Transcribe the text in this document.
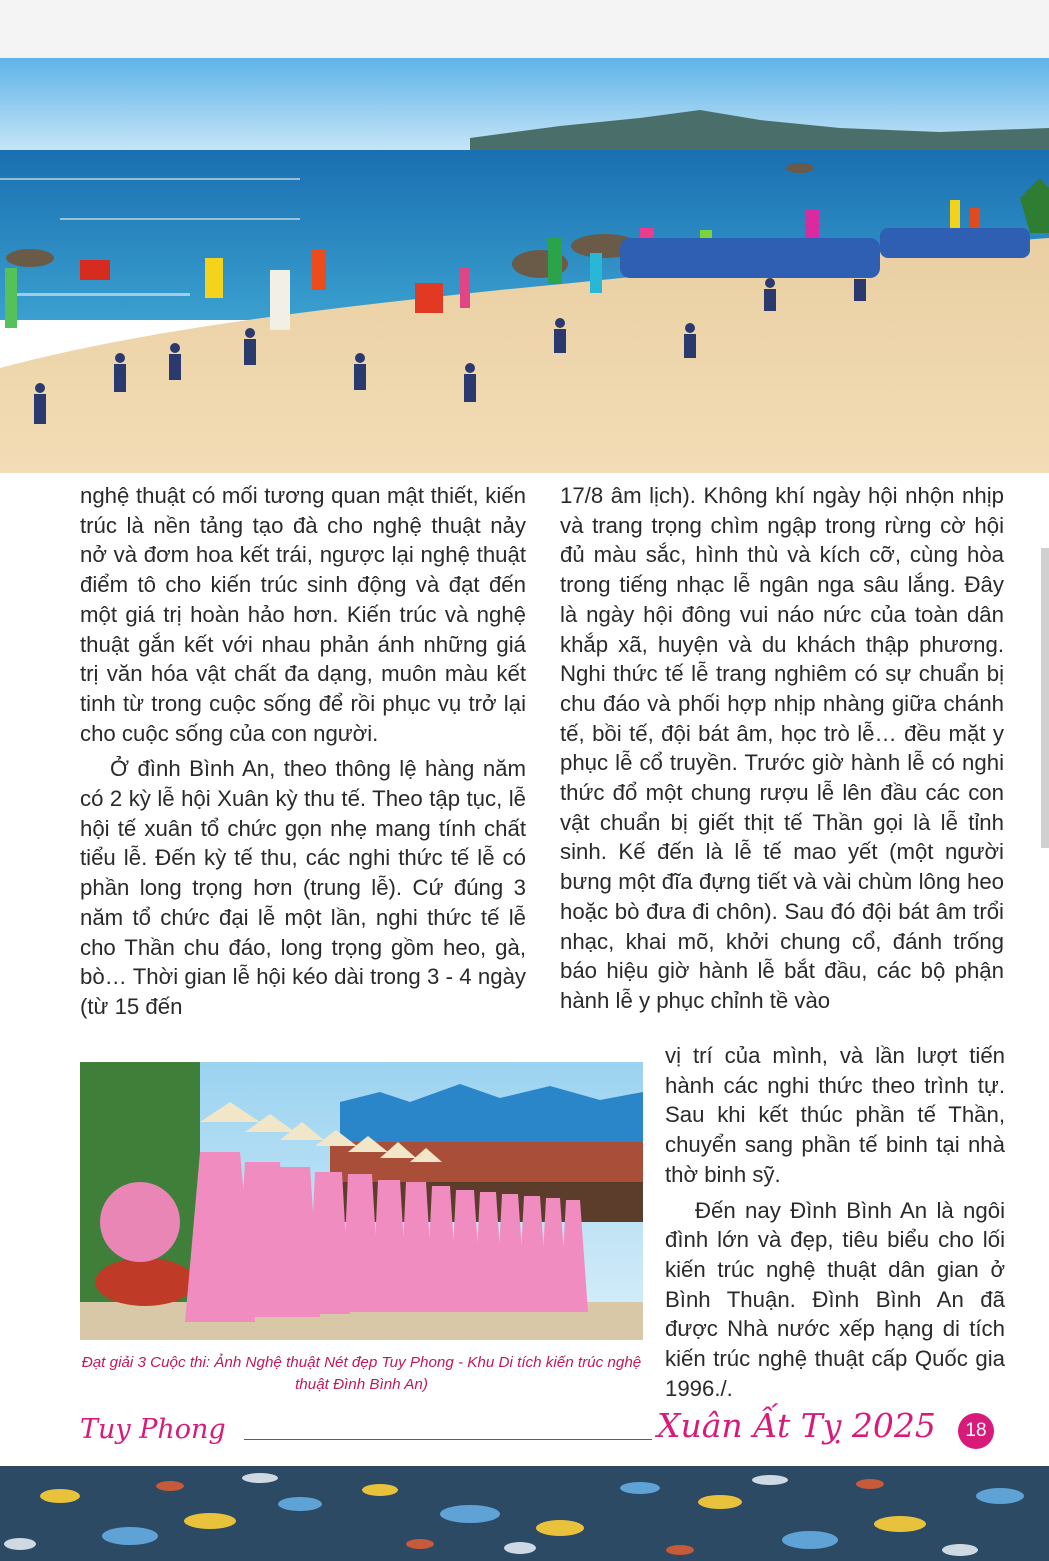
nghệ thuật có mối tương quan mật thiết, kiến trúc là nền tảng tạo đà cho nghệ thuật nảy nở và đơm hoa kết trái, ngược lại nghệ thuật điểm tô cho kiến trúc sinh động và đạt đến một giá trị hoàn hảo hơn. Kiến trúc và nghệ thuật gắn kết với nhau phản ánh những giá trị văn hóa vật chất đa dạng, muôn màu kết tinh từ trong cuộc sống để rồi phục vụ trở lại cho cuộc sống của con người.

Ở đình Bình An, theo thông lệ hàng năm có 2 kỳ lễ hội Xuân kỳ thu tế. Theo tập tục, lễ hội tế xuân tổ chức gọn nhẹ mang tính chất tiểu lễ. Đến kỳ tế thu, các nghi thức tế lễ có phần long trọng hơn (trung lễ). Cứ đúng 3 năm tổ chức đại lễ một lần, nghi thức tế lễ cho Thần chu đáo, long trọng gồm heo, gà, bò… Thời gian lễ hội kéo dài trong 3 - 4 ngày (từ 15 đến

17/8 âm lịch). Không khí ngày hội nhộn nhịp và trang trọng chìm ngập trong rừng cờ hội đủ màu sắc, hình thù và kích cỡ, cùng hòa trong tiếng nhạc lễ ngân nga sâu lắng. Đây là ngày hội đông vui náo nức của toàn dân khắp xã, huyện và du khách thập phương. Nghi thức tế lễ trang nghiêm có sự chuẩn bị chu đáo và phối hợp nhịp nhàng giữa chánh tế, bồi tế, đội bát âm, học trò lễ… đều mặt y phục lễ cổ truyền. Trước giờ hành lễ có nghi thức đổ một chung rượu lễ lên đầu các con vật chuẩn bị giết thịt tế Thần gọi là lễ tỉnh sinh. Kế đến là lễ tế mao yết (một người bưng một đĩa đựng tiết và vài chùm lông heo hoặc bò đưa đi chôn). Sau đó đội bát âm trổi nhạc, khai mõ, khởi chung cổ, đánh trống báo hiệu giờ hành lễ bắt đầu, các bộ phận hành lễ y phục chỉnh tề vào

Đạt giải 3 Cuộc thi: Ảnh Nghệ thuật Nét đẹp Tuy Phong - Khu Di tích kiến trúc nghệ thuật Đình Bình An)

vị trí của mình, và lần lượt tiến hành các nghi thức theo trình tự. Sau khi kết thúc phần tế Thần, chuyển sang phần tế binh tại nhà thờ binh sỹ.

Đến nay Đình Bình An là ngôi đình lớn và đẹp, tiêu biểu cho lối kiến trúc nghệ thuật dân gian ở Bình Thuận. Đình Bình An đã được Nhà nước xếp hạng di tích kiến trúc nghệ thuật cấp Quốc gia 1996./.

Tuy Phong	Xuân Ất Tỵ 2025	18
